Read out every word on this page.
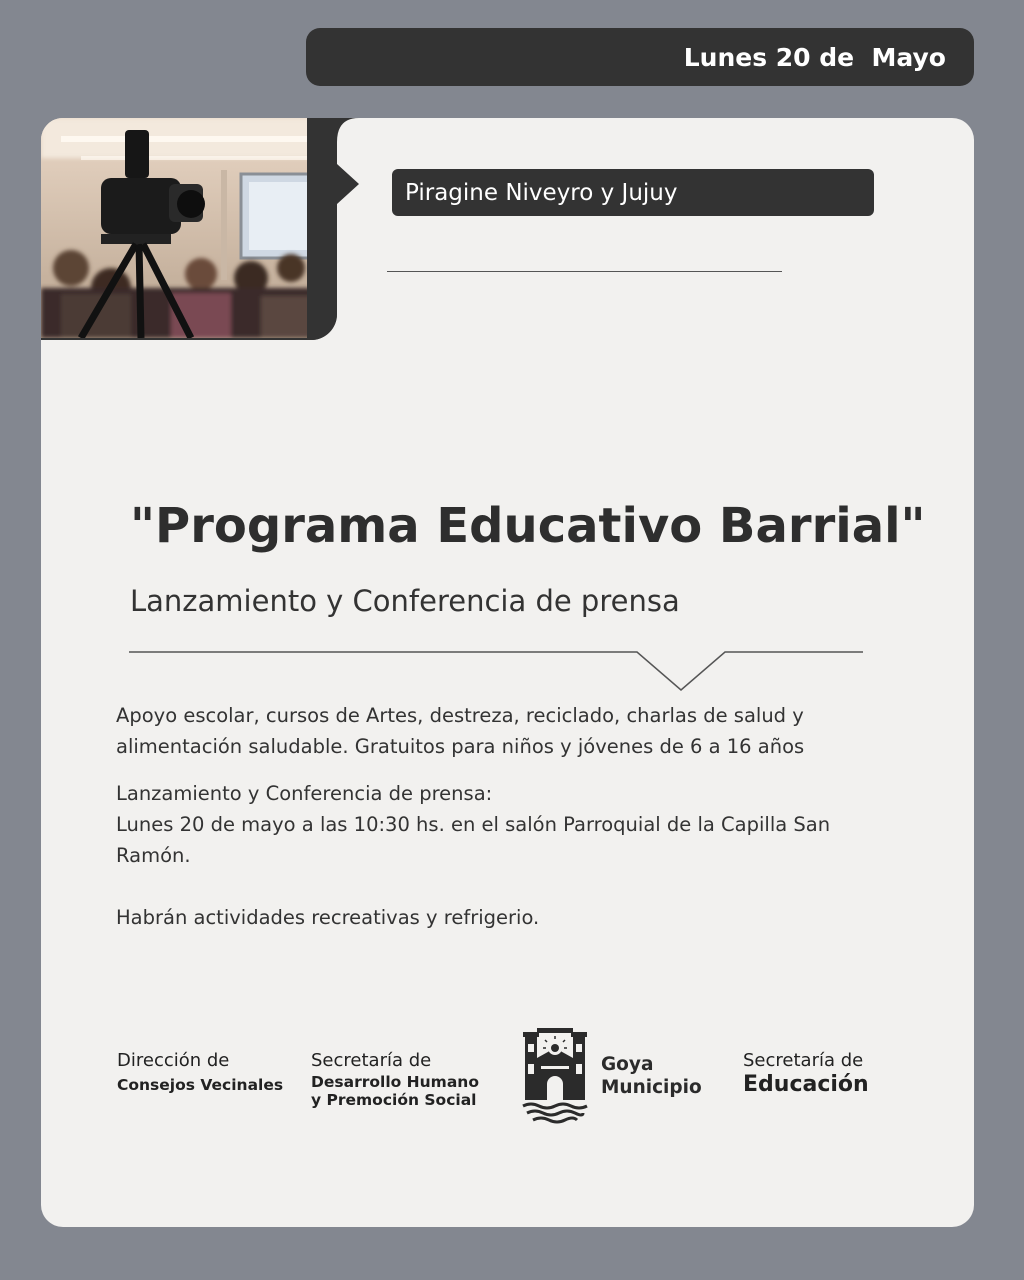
Lunes 20 de  Mayo
Piragine Niveyro y Jujuy
"Programa Educativo Barrial"
Lanzamiento y Conferencia de prensa
Apoyo escolar, cursos de Artes, destreza, reciclado, charlas de salud y alimentación saludable. Gratuitos para niños y jóvenes de 6 a 16 años
Lanzamiento y Conferencia de prensa:
Lunes 20 de mayo a las 10:30 hs. en el salón Parroquial de la Capilla San Ramón.
Habrán actividades recreativas y refrigerio.
Dirección de
Consejos Vecinales
Secretaría de
Desarrollo Humano
y Premoción Social
Goya
Municipio
Secretaría de
Educación
